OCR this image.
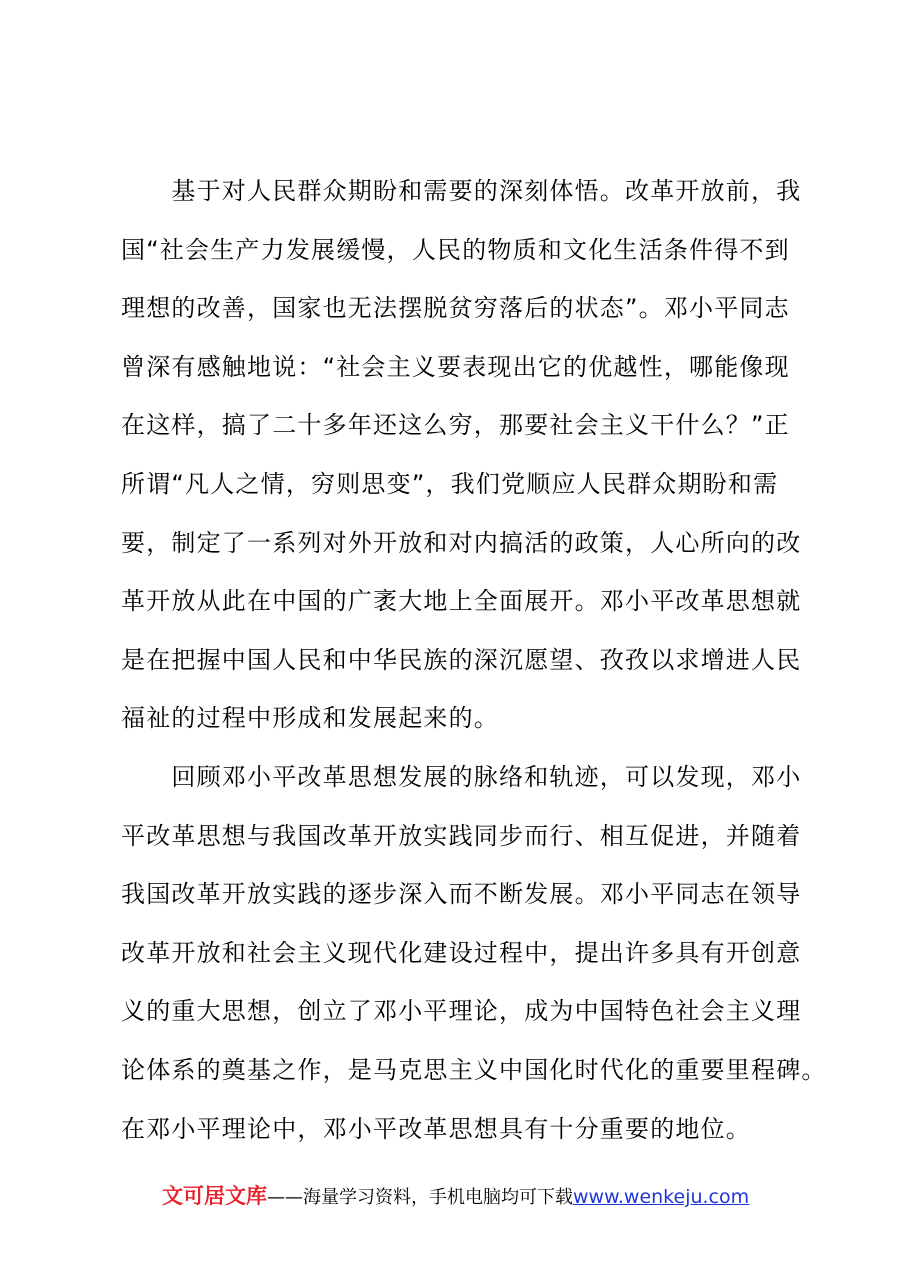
　　基于对人民群众期盼和需要的深刻体悟。改革开放前，我
国“社会生产力发展缓慢，人民的物质和文化生活条件得不到
理想的改善，国家也无法摆脱贫穷落后的状态”。邓小平同志
曾深有感触地说：“社会主义要表现出它的优越性，哪能像现
在这样，搞了二十多年还这么穷，那要社会主义干什么？”正
所谓“凡人之情，穷则思变”，我们党顺应人民群众期盼和需
要，制定了一系列对外开放和对内搞活的政策，人心所向的改
革开放从此在中国的广袤大地上全面展开。邓小平改革思想就
是在把握中国人民和中华民族的深沉愿望、孜孜以求增进人民
福祉的过程中形成和发展起来的。
　　回顾邓小平改革思想发展的脉络和轨迹，可以发现，邓小
平改革思想与我国改革开放实践同步而行、相互促进，并随着
我国改革开放实践的逐步深入而不断发展。邓小平同志在领导
改革开放和社会主义现代化建设过程中，提出许多具有开创意
义的重大思想，创立了邓小平理论，成为中国特色社会主义理
论体系的奠基之作，是马克思主义中国化时代化的重要里程碑。
在邓小平理论中，邓小平改革思想具有十分重要的地位。
文可居文库——海量学习资料，手机电脑均可下载www.wenkeju.com
